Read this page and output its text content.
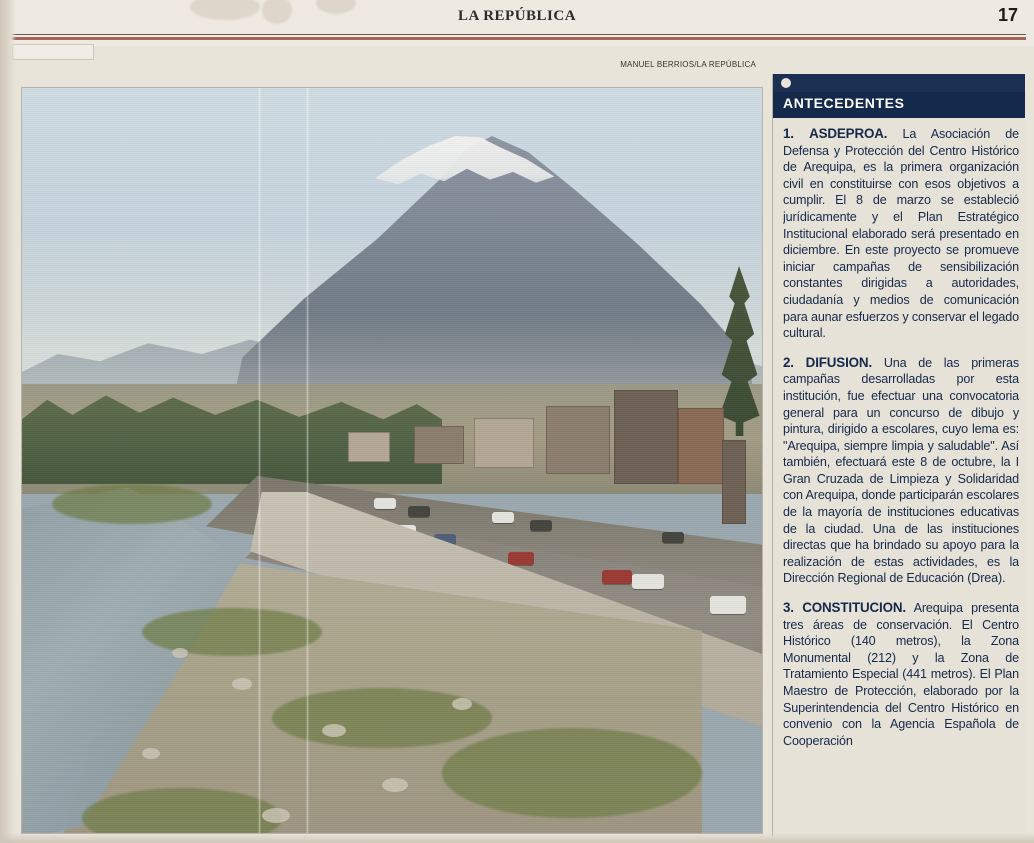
LA REPÚBLICA	17
MANUEL BERRIOS/LA REPÚBLICA
ANTECEDENTES

1. ASDEPROA. La Asociación de Defensa y Protección del Centro Histórico de Arequipa, es la primera organización civil en constituirse con esos objetivos a cumplir. El 8 de marzo se estableció jurídicamente y el Plan Estratégico Institucional elaborado será presentado en diciembre. En este proyecto se promueve iniciar campañas de sensibilización constantes dirigidas a autoridades, ciudadanía y medios de comunicación para aunar esfuerzos y conservar el legado cultural.

2. DIFUSION. Una de las primeras campañas desarrolladas por esta institución, fue efectuar una convocatoria general para un concurso de dibujo y pintura, dirigido a escolares, cuyo lema es: "Arequipa, siempre limpia y saludable". Así también, efectuará este 8 de octubre, la I Gran Cruzada de Limpieza y Solidaridad con Arequipa, donde participarán escolares de la mayoría de instituciones educativas de la ciudad. Una de las instituciones directas que ha brindado su apoyo para la realización de estas actividades, es la Dirección Regional de Educación (Drea).

3. CONSTITUCION. Arequipa presenta tres áreas de conservación. El Centro Histórico (140 metros), la Zona Monumental (212) y la Zona de Tratamiento Especial (441 metros). El Plan Maestro de Protección, elaborado por la Superintendencia del Centro Histórico en convenio con la Agencia Española de Cooperación
